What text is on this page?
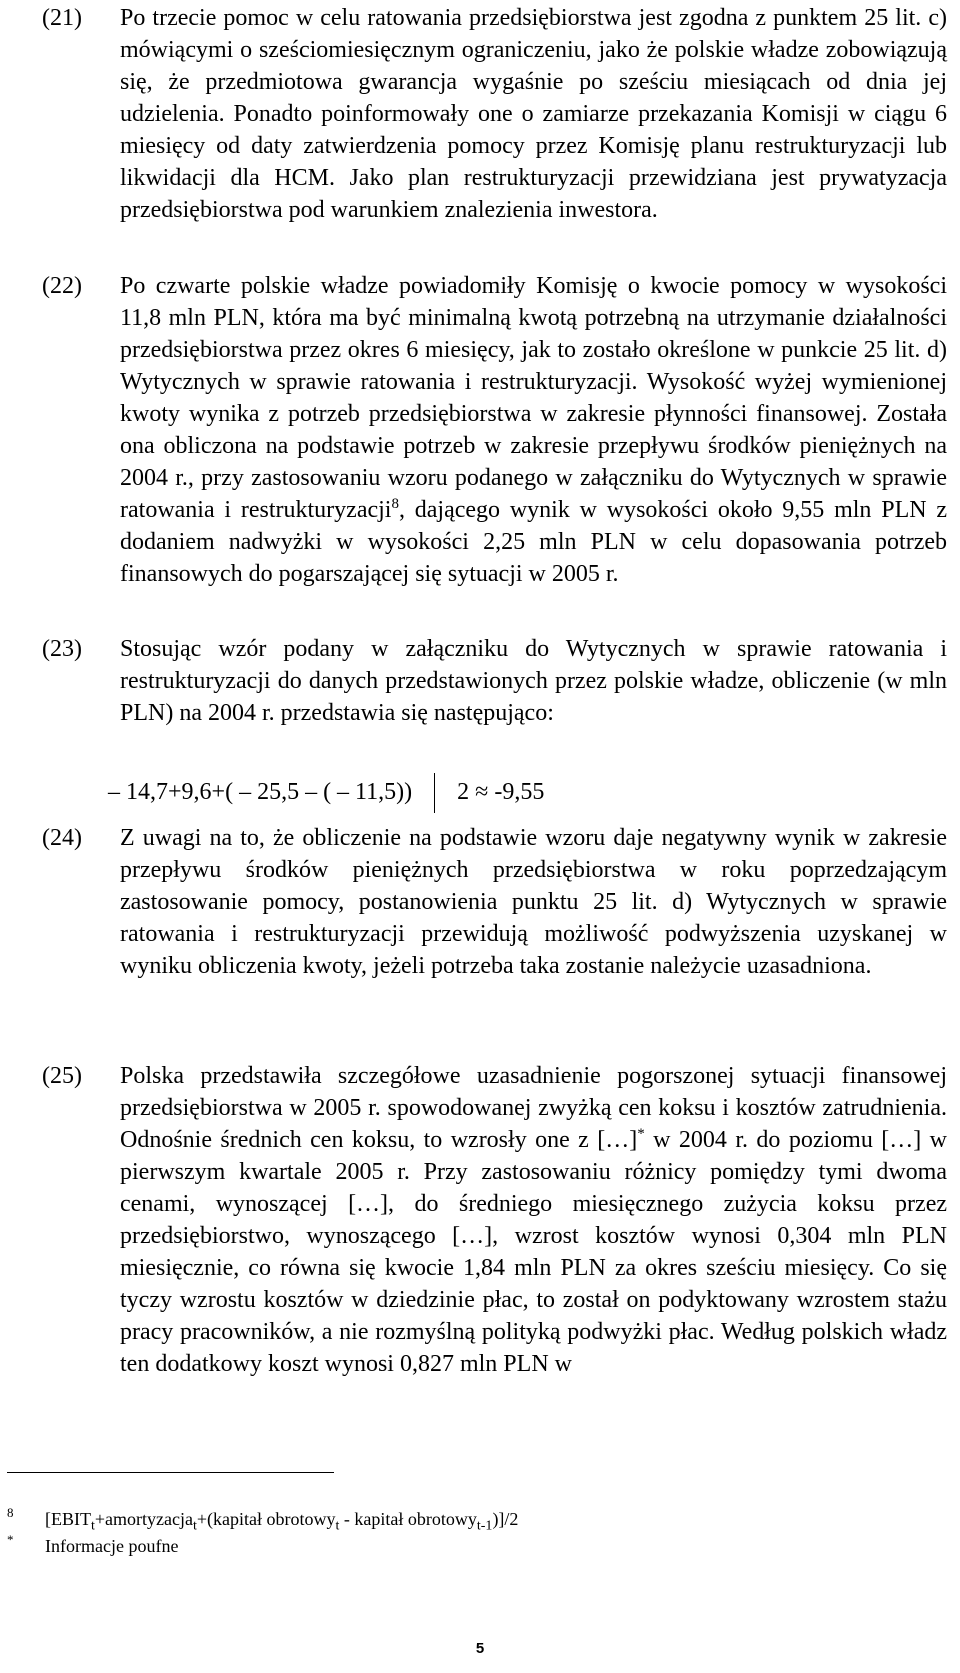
(21) Po trzecie pomoc w celu ratowania przedsiębiorstwa jest zgodna z punktem 25 lit. c) mówiącymi o sześciomiesięcznym ograniczeniu, jako że polskie władze zobowiązują się, że przedmiotowa gwarancja wygaśnie po sześciu miesiącach od dnia jej udzielenia. Ponadto poinformowały one o zamiarze przekazania Komisji w ciągu 6 miesięcy od daty zatwierdzenia pomocy przez Komisję planu restrukturyzacji lub likwidacji dla HCM. Jako plan restrukturyzacji przewidziana jest prywatyzacja przedsiębiorstwa pod warunkiem znalezienia inwestora.
(22) Po czwarte polskie władze powiadomiły Komisję o kwocie pomocy w wysokości 11,8 mln PLN, która ma być minimalną kwotą potrzebną na utrzymanie działalności przedsiębiorstwa przez okres 6 miesięcy, jak to zostało określone w punkcie 25 lit. d) Wytycznych w sprawie ratowania i restrukturyzacji. Wysokość wyżej wymienionej kwoty wynika z potrzeb przedsiębiorstwa w zakresie płynności finansowej. Została ona obliczona na podstawie potrzeb w zakresie przepływu środków pieniężnych na 2004 r., przy zastosowaniu wzoru podanego w załączniku do Wytycznych w sprawie ratowania i restrukturyzacji$^8$, dającego wynik w wysokości około 9,55 mln PLN z dodaniem nadwyżki w wysokości 2,25 mln PLN w celu dopasowania potrzeb finansowych do pogarszającej się sytuacji w 2005 r.
(23) Stosując wzór podany w załączniku do Wytycznych w sprawie ratowania i restrukturyzacji do danych przedstawionych przez polskie władze, obliczenie (w mln PLN) na 2004 r. przedstawia się następująco:
– 14,7+9,6+( – 25,5 – ( – 11,5)) 2 ≈ -9,55
(24) Z uwagi na to, że obliczenie na podstawie wzoru daje negatywny wynik w zakresie przepływu środków pieniężnych przedsiębiorstwa w roku poprzedzającym zastosowanie pomocy, postanowienia punktu 25 lit. d) Wytycznych w sprawie ratowania i restrukturyzacji przewidują możliwość podwyższenia uzyskanej w wyniku obliczenia kwoty, jeżeli potrzeba taka zostanie należycie uzasadniona.
(25) Polska przedstawiła szczegółowe uzasadnienie pogorszonej sytuacji finansowej przedsiębiorstwa w 2005 r. spowodowanej zwyżką cen koksu i kosztów zatrudnienia. Odnośnie średnich cen koksu, to wzrosły one z […]* w 2004 r. do poziomu […] w pierwszym kwartale 2005 r. Przy zastosowaniu różnicy pomiędzy tymi dwoma cenami, wynoszącej […], do średniego miesięcznego zużycia koksu przez przedsiębiorstwo, wynoszącego […], wzrost kosztów wynosi 0,304 mln PLN miesięcznie, co równa się kwocie 1,84 mln PLN za okres sześciu miesięcy. Co się tyczy wzrostu kosztów w dziedzinie płac, to został on podyktowany wzrostem stażu pracy pracowników, a nie rozmyślną polityką podwyżki płac. Według polskich władz ten dodatkowy koszt wynosi 0,827 mln PLN w
8 [$EBIT_t+amortyzacja_t+(kapitał$ obrotowy$_t$ - kapitał obrotowy$_{t-1}$)]/2
* Informacje poufne
5
